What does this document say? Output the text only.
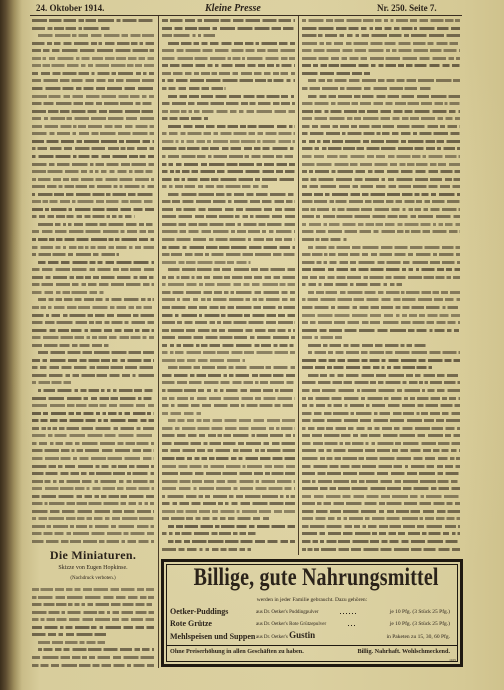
24. Oktober 1914.	Kleine Presse	Nr. 250. Seite 7.
Die Miniaturen.
Skizze von Eugen Hopkinse.
(Nachdruck verboten.)	Billige, gute Nahrungsmittel
werden in jeder Familie gebraucht. Dazu gehören:
Oetker-Puddings	aus Dr. Oetker's Puddingpulver	je 10 Pfg. (3 Stück 25 Pfg.)
Rote Grütze	aus Dr. Oetker's Rote Grützepulver	je 10 Pfg. (3 Stück 25 Pfg.)
Mehlspeisen und Suppen aus Dr. Oetker's Gustin	in Paketen zu 15, 30, 60 Pfg.
Ohne Preiserhöhung in allen Geschäften zu haben.	Billig. Nahrhaft. Wohlschmeckend.
1105
